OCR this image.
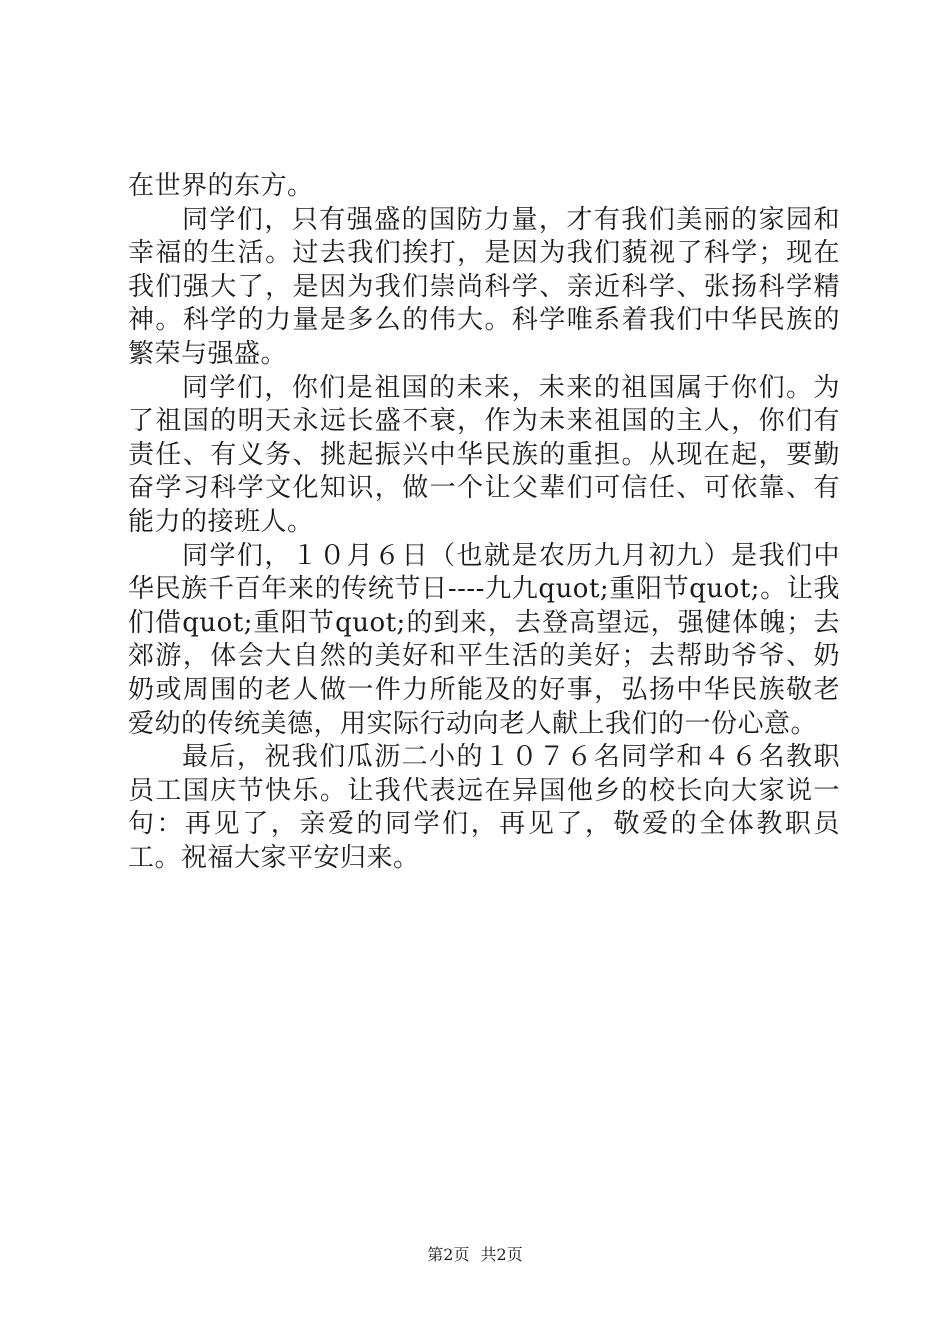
在世界的东方。

同学们，只有强盛的国防力量，才有我们美丽的家园和幸福的生活。过去我们挨打，是因为我们藐视了科学；现在我们强大了，是因为我们崇尚科学、亲近科学、张扬科学精神。科学的力量是多么的伟大。科学唯系着我们中华民族的繁荣与强盛。

同学们，你们是祖国的未来，未来的祖国属于你们。为了祖国的明天永远长盛不衰，作为未来祖国的主人，你们有责任、有义务、挑起振兴中华民族的重担。从现在起，要勤奋学习科学文化知识，做一个让父辈们可信任、可依靠、有能力的接班人。

同学们，１０月６日（也就是农历九月初九）是我们中华民族千百年来的传统节日----九九quot;重阳节quot;。让我们借quot;重阳节quot;的到来，去登高望远，强健体魄；去郊游，体会大自然的美好和平生活的美好；去帮助爷爷、奶奶或周围的老人做一件力所能及的好事，弘扬中华民族敬老爱幼的传统美德，用实际行动向老人献上我们的一份心意。

最后，祝我们瓜沥二小的１０７６名同学和４６名教职员工国庆节快乐。让我代表远在异国他乡的校长向大家说一句：再见了，亲爱的同学们，再见了，敬爱的全体教职员工。祝福大家平安归来。

第2页 共2页
